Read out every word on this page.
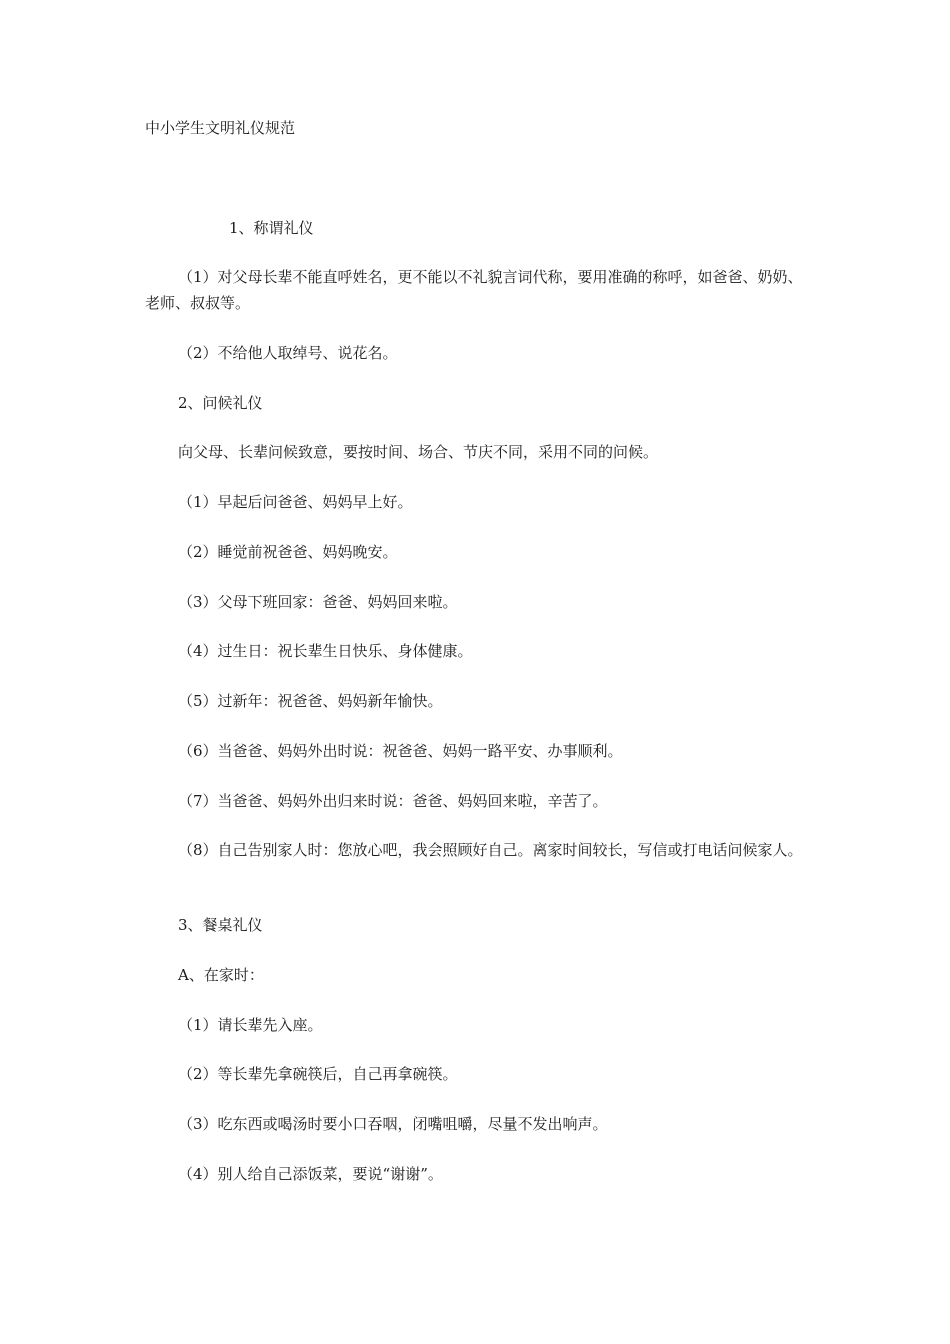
中小学生文明礼仪规范

1、称谓礼仪

（1）对父母长辈不能直呼姓名，更不能以不礼貌言词代称，要用准确的称呼，如爸爸、奶奶、老师、叔叔等。

（2）不给他人取绰号、说花名。

2、问候礼仪

向父母、长辈问候致意，要按时间、场合、节庆不同，采用不同的问候。

（1）早起后问爸爸、妈妈早上好。

（2）睡觉前祝爸爸、妈妈晚安。

（3）父母下班回家：爸爸、妈妈回来啦。

（4）过生日：祝长辈生日快乐、身体健康。

（5）过新年：祝爸爸、妈妈新年愉快。

（6）当爸爸、妈妈外出时说：祝爸爸、妈妈一路平安、办事顺利。

（7）当爸爸、妈妈外出归来时说：爸爸、妈妈回来啦，辛苦了。

（8）自己告别家人时：您放心吧，我会照顾好自己。离家时间较长，写信或打电话问候家人。

3、餐桌礼仪

A、在家时：

（1）请长辈先入座。

（2）等长辈先拿碗筷后，自己再拿碗筷。

（3）吃东西或喝汤时要小口吞咽，闭嘴咀嚼，尽量不发出响声。

（4）别人给自己添饭菜，要说“谢谢”。
